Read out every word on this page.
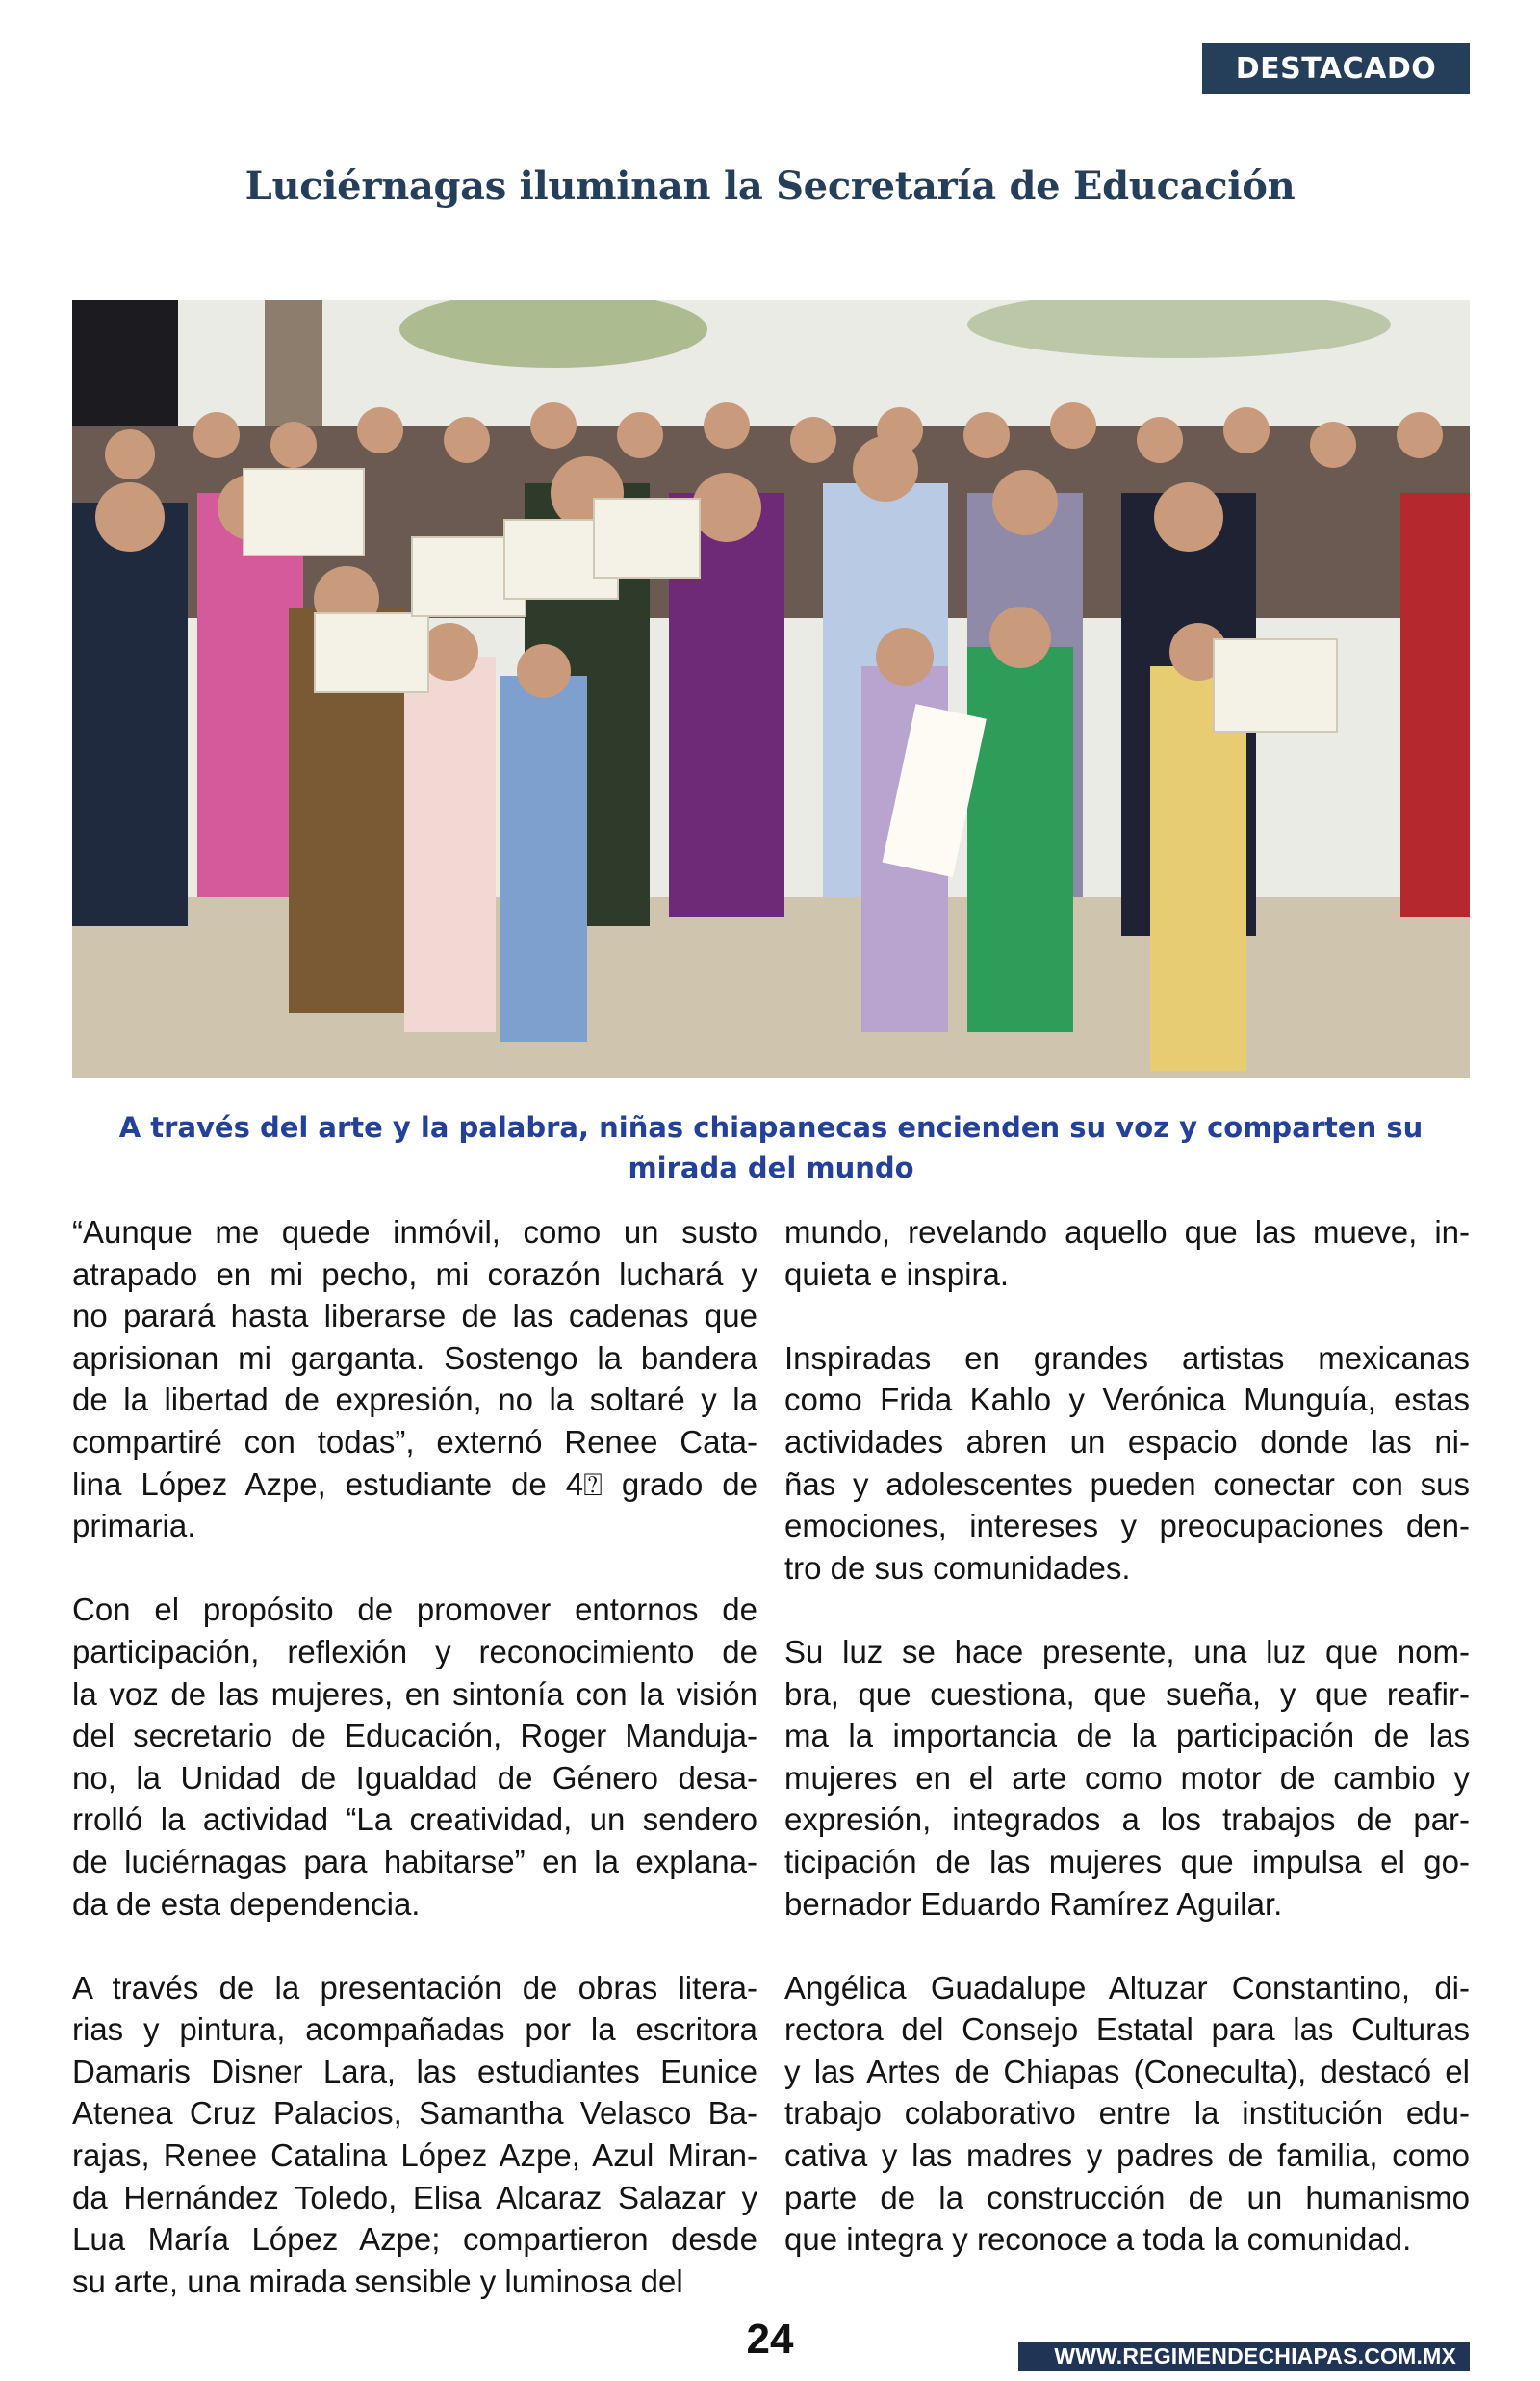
DESTACADO
Luciérnagas iluminan la Secretaría de Educación
A través del arte y la palabra, niñas chiapanecas encienden su voz y comparten su
mirada del mundo
“Aunque me quede inmóvil, como un susto
atrapado en mi pecho, mi corazón luchará y
no parará hasta liberarse de las cadenas que
aprisionan mi garganta. Sostengo la bandera
de la libertad de expresión, no la soltaré y la
compartiré con todas”, externó Renee Cata-
lina López Azpe, estudiante de 4⍰ grado de
primaria.
Con el propósito de promover entornos de
participación, reflexión y reconocimiento de
la voz de las mujeres, en sintonía con la visión
del secretario de Educación, Roger Manduja-
no, la Unidad de Igualdad de Género desa-
rrolló la actividad “La creatividad, un sendero
de luciérnagas para habitarse” en la explana-
da de esta dependencia.
A través de la presentación de obras litera-
rias y pintura, acompañadas por la escritora
Damaris Disner Lara, las estudiantes Eunice
Atenea Cruz Palacios, Samantha Velasco Ba-
rajas, Renee Catalina López Azpe, Azul Miran-
da Hernández Toledo, Elisa Alcaraz Salazar y
Lua María López Azpe; compartieron desde
su arte, una mirada sensible y luminosa del
mundo, revelando aquello que las mueve, in-
quieta e inspira.
Inspiradas en grandes artistas mexicanas
como Frida Kahlo y Verónica Munguía, estas
actividades abren un espacio donde las ni-
ñas y adolescentes pueden conectar con sus
emociones, intereses y preocupaciones den-
tro de sus comunidades.
Su luz se hace presente, una luz que nom-
bra, que cuestiona, que sueña, y que reafir-
ma la importancia de la participación de las
mujeres en el arte como motor de cambio y
expresión, integrados a los trabajos de par-
ticipación de las mujeres que impulsa el go-
bernador Eduardo Ramírez Aguilar.
Angélica Guadalupe Altuzar Constantino, di-
rectora del Consejo Estatal para las Culturas
y las Artes de Chiapas (Coneculta), destacó el
trabajo colaborativo entre la institución edu-
cativa y las madres y padres de familia, como
parte de la construcción de un humanismo
que integra y reconoce a toda la comunidad.
24	WWW.REGIMENDECHIAPAS.COM.MX
